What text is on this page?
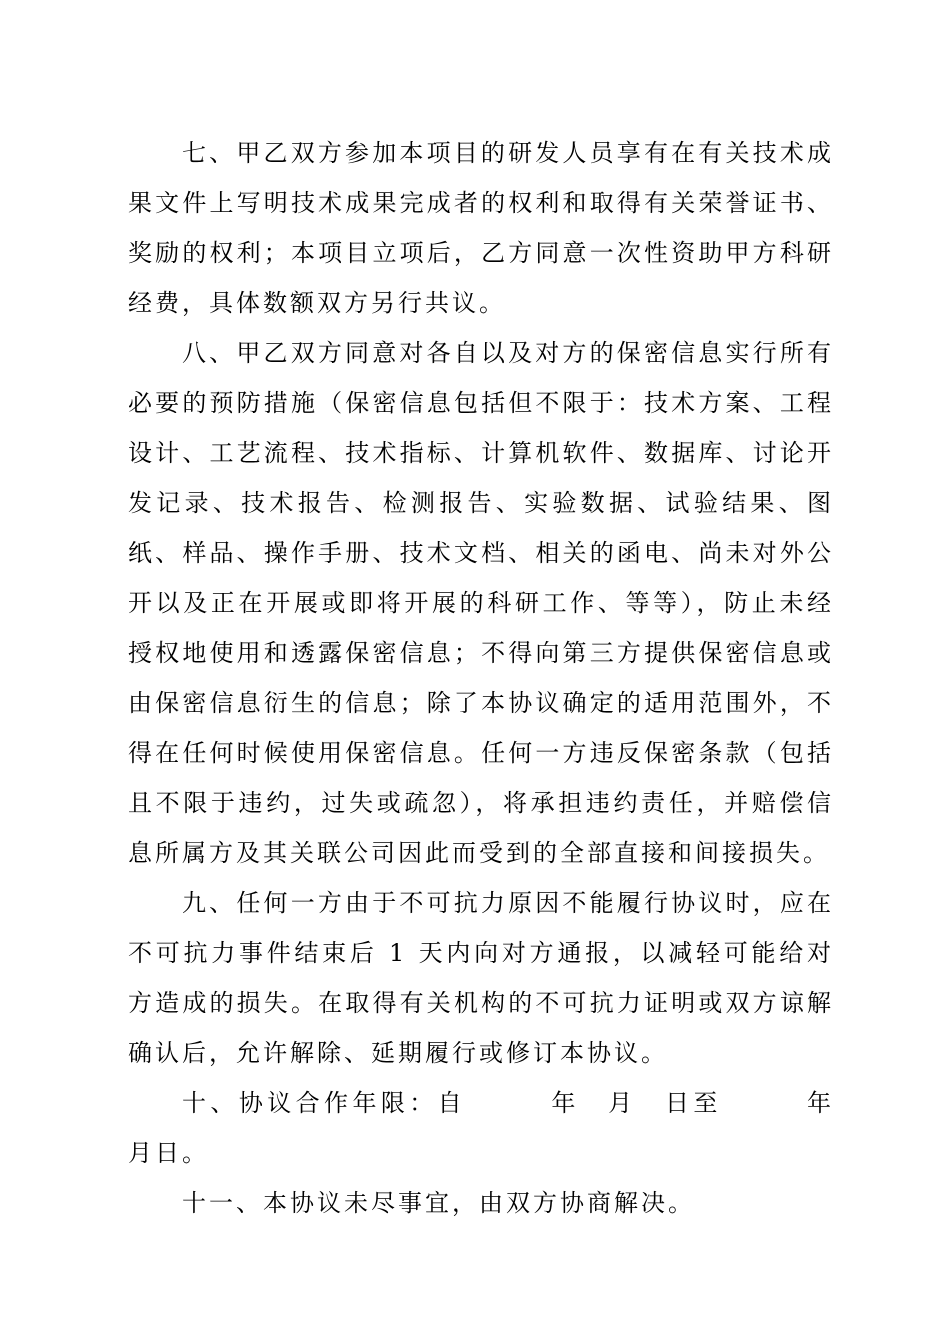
七、甲乙双方参加本项目的研发人员享有在有关技术成果文件上写明技术成果完成者的权利和取得有关荣誉证书、奖励的权利；本项目立项后，乙方同意一次性资助甲方科研经费，具体数额双方另行共议。

八、甲乙双方同意对各自以及对方的保密信息实行所有必要的预防措施（保密信息包括但不限于：技术方案、工程设计、工艺流程、技术指标、计算机软件、数据库、讨论开发记录、技术报告、检测报告、实验数据、试验结果、图纸、样品、操作手册、技术文档、相关的函电、尚未对外公开以及正在开展或即将开展的科研工作、等等），防止未经授权地使用和透露保密信息；不得向第三方提供保密信息或由保密信息衍生的信息；除了本协议确定的适用范围外，不得在任何时候使用保密信息。任何一方违反保密条款（包括且不限于违约，过失或疏忽），将承担违约责任，并赔偿信息所属方及其关联公司因此而受到的全部直接和间接损失。

九、任何一方由于不可抗力原因不能履行协议时，应在不可抗力事件结束后 1 天内向对方通报，以减轻可能给对方造成的损失。在取得有关机构的不可抗力证明或双方谅解确认后，允许解除、延期履行或修订本协议。

十、协议合作年限：自　　　年　月　日至　　　年　月日。

十一、本协议未尽事宜，由双方协商解决。
